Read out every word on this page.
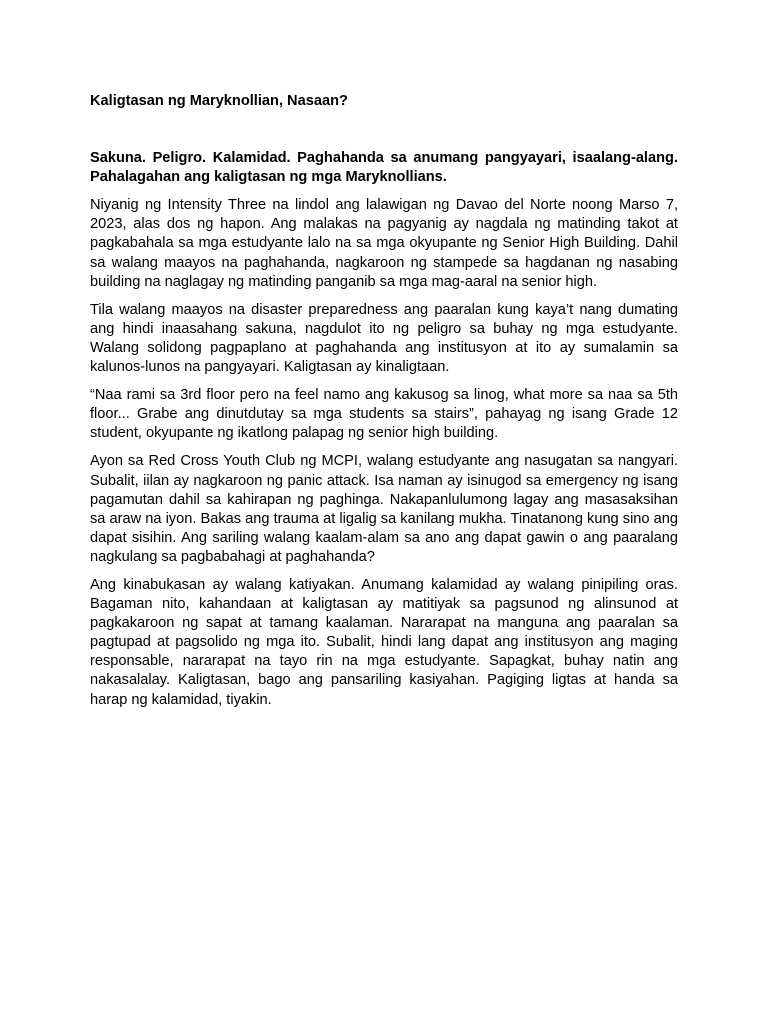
Kaligtasan ng Maryknollian, Nasaan?
Sakuna. Peligro. Kalamidad. Paghahanda sa anumang pangyayari, isaalang-alang. Pahalagahan ang kaligtasan ng mga Maryknollians.
Niyanig ng Intensity Three na lindol ang lalawigan ng Davao del Norte noong Marso 7, 2023, alas dos ng hapon. Ang malakas na pagyanig ay nagdala ng matinding takot at pagkabahala sa mga estudyante lalo na sa mga okyupante ng Senior High Building. Dahil sa walang maayos na paghahanda, nagkaroon ng stampede sa hagdanan ng nasabing building na naglagay ng matinding panganib sa mga mag-aaral na senior high.
Tila walang maayos na disaster preparedness ang paaralan kung kaya’t nang dumating ang hindi inaasahang sakuna, nagdulot ito ng peligro sa buhay ng mga estudyante. Walang solidong pagpaplano at paghahanda ang institusyon at ito ay sumalamin sa kalunos-lunos na pangyayari. Kaligtasan ay kinaligtaan.
“Naa rami sa 3rd floor pero na feel namo ang kakusog sa linog, what more sa naa sa 5th floor... Grabe ang dinutdutay sa mga students sa stairs”, pahayag ng isang Grade 12 student, okyupante ng ikatlong palapag ng senior high building.
Ayon sa Red Cross Youth Club ng MCPI, walang estudyante ang nasugatan sa nangyari. Subalit, iilan ay nagkaroon ng panic attack. Isa naman ay isinugod sa emergency ng isang pagamutan dahil sa kahirapan ng paghinga. Nakapanlulumong lagay ang masasaksihan sa araw na iyon. Bakas ang trauma at ligalig sa kanilang mukha. Tinatanong kung sino ang dapat sisihin. Ang sariling walang kaalam-alam sa ano ang dapat gawin o ang paaralang nagkulang sa pagbabahagi at paghahanda?
Ang kinabukasan ay walang katiyakan. Anumang kalamidad ay walang pinipiling oras. Bagaman nito, kahandaan at kaligtasan ay matitiyak sa pagsunod ng alinsunod at pagkakaroon ng sapat at tamang kaalaman. Nararapat na manguna ang paaralan sa pagtupad at pagsolido ng mga ito. Subalit, hindi lang dapat ang institusyon ang maging responsable, nararapat na tayo rin na mga estudyante. Sapagkat, buhay natin ang nakasalalay. Kaligtasan, bago ang pansariling kasiyahan. Pagiging ligtas at handa sa harap ng kalamidad, tiyakin.
